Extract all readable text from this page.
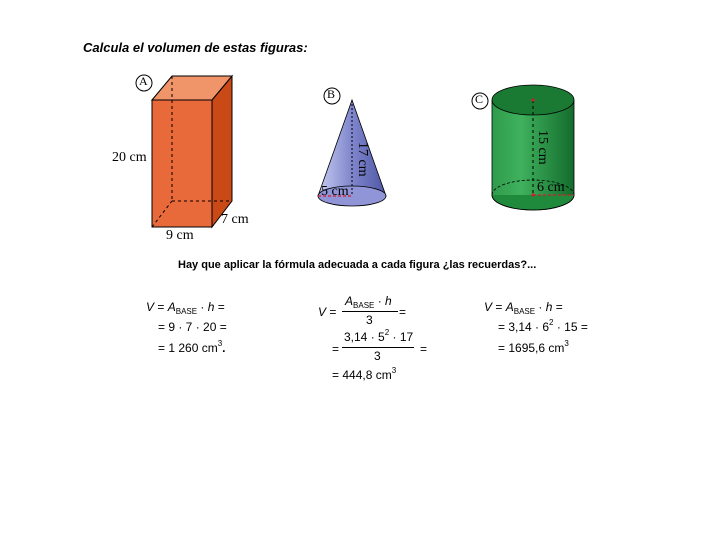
Calcula el volumen de estas figuras:
A
20 cm
7 cm
9 cm
B
17 cm
5 cm
C
15 cm
6 cm
Hay que aplicar la fórmula adecuada a cada figura ¿las recuerdas?...
$V = A_{BASE} \cdot h$ =
= 9 · 7 · 20 =
= 1 260 $cm^3$.
V =
$A_{BASE} \cdot h$
3
=
=
$3,14 \cdot 5^2 \cdot 17$
3	=
= 444,8 $cm^3$
$V = A_{BASE} \cdot h$ =
= $3,14 \cdot 6^2 \cdot 15$ =
= 1695,6 $cm^3$
